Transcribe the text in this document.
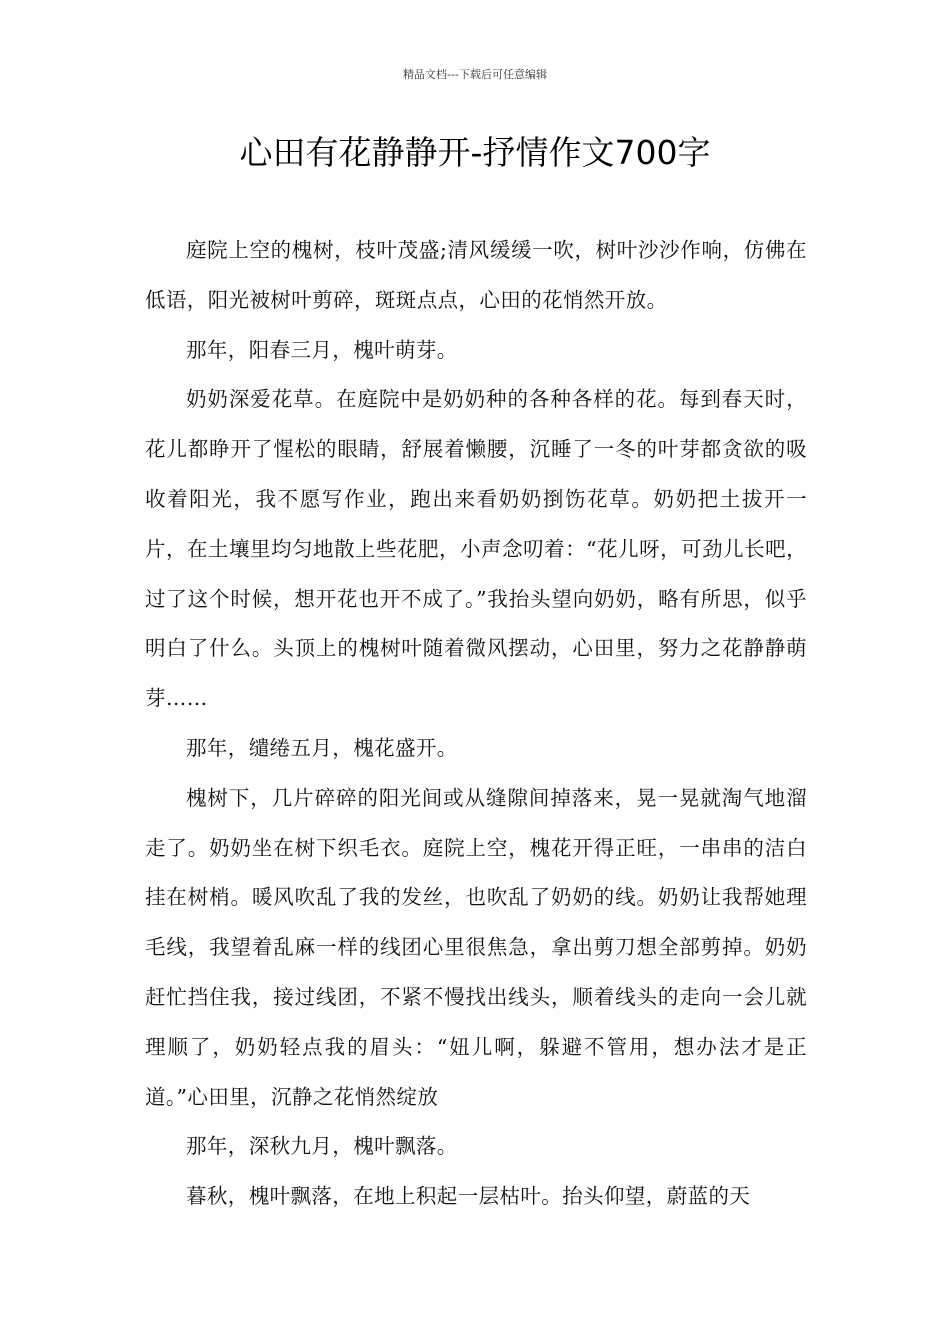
精品文档---下载后可任意编辑
心田有花静静开-抒情作文700字

庭院上空的槐树，枝叶茂盛;清风缓缓一吹，树叶沙沙作响，仿佛在低语，阳光被树叶剪碎，斑斑点点，心田的花悄然开放。

那年，阳春三月，槐叶萌芽。

奶奶深爱花草。在庭院中是奶奶种的各种各样的花。每到春天时，花儿都睁开了惺松的眼睛，舒展着懒腰，沉睡了一冬的叶芽都贪欲的吸收着阳光，我不愿写作业，跑出来看奶奶捯饬花草。奶奶把土拔开一片，在土壤里均匀地散上些花肥，小声念叨着：“花儿呀，可劲儿长吧，过了这个时候，想开花也开不成了。”我抬头望向奶奶，略有所思，似乎明白了什么。头顶上的槐树叶随着微风摆动，心田里，努力之花静静萌芽……

那年，缱绻五月，槐花盛开。

槐树下，几片碎碎的阳光间或从缝隙间掉落来，晃一晃就淘气地溜走了。奶奶坐在树下织毛衣。庭院上空，槐花开得正旺，一串串的洁白挂在树梢。暖风吹乱了我的发丝，也吹乱了奶奶的线。奶奶让我帮她理毛线，我望着乱麻一样的线团心里很焦急，拿出剪刀想全部剪掉。奶奶赶忙挡住我，接过线团，不紧不慢找出线头，顺着线头的走向一会儿就理顺了，奶奶轻点我的眉头：“妞儿啊，躲避不管用，想办法才是正道。”心田里，沉静之花悄然绽放

那年，深秋九月，槐叶飘落。

暮秋，槐叶飘落，在地上积起一层枯叶。抬头仰望，蔚蓝的天
